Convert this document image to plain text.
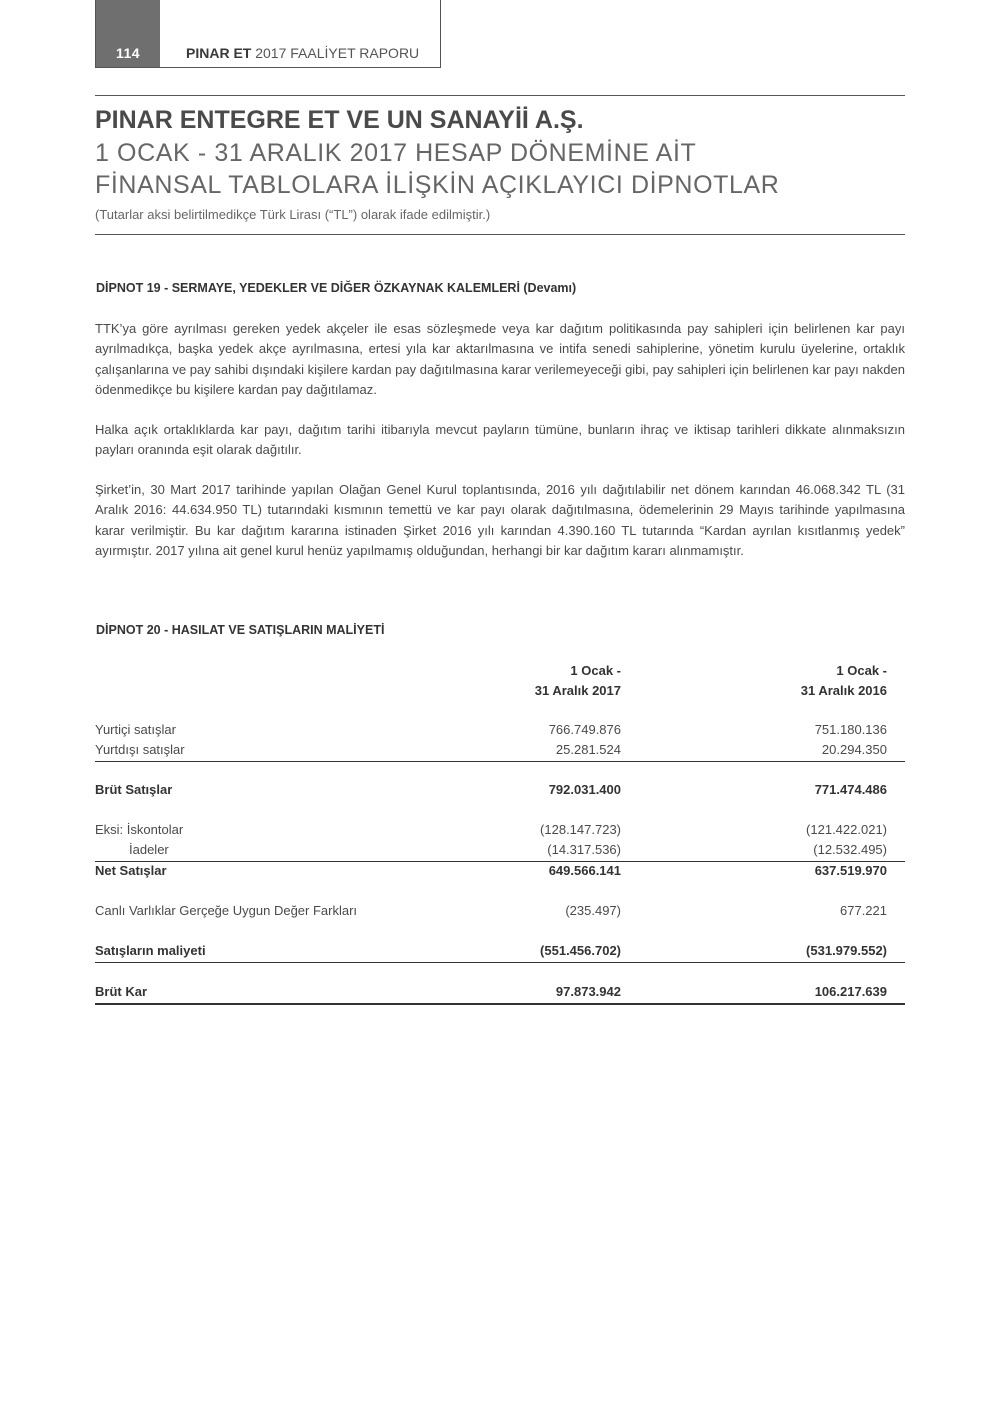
114	PINAR ET 2017 FAALİYET RAPORU
PINAR ENTEGRE ET VE UN SANAYİİ A.Ş.
1 OCAK - 31 ARALIK 2017 HESAP DÖNEMİNE AİT
FİNANSAL TABLOLARA İLİŞKİN AÇIKLAYICI DİPNOTLAR
(Tutarlar aksi belirtilmedikçe Türk Lirası (“TL”) olarak ifade edilmiştir.)
DİPNOT 19 - SERMAYE, YEDEKLER VE DİĞER ÖZKAYNAK KALEMLERİ (Devamı)

TTK’ya göre ayrılması gereken yedek akçeler ile esas sözleşmede veya kar dağıtım politikasında pay sahipleri için belirlenen kar payı ayrılmadıkça, başka yedek akçe ayrılmasına, ertesi yıla kar aktarılmasına ve intifa senedi sahiplerine, yönetim kurulu üyelerine, ortaklık çalışanlarına ve pay sahibi dışındaki kişilere kardan pay dağıtılmasına karar verilemeyeceği gibi, pay sahipleri için belirlenen kar payı nakden ödenmedikçe bu kişilere kardan pay dağıtılamaz.

Halka açık ortaklıklarda kar payı, dağıtım tarihi itibarıyla mevcut payların tümüne, bunların ihraç ve iktisap tarihleri dikkate alınmaksızın payları oranında eşit olarak dağıtılır.

Şirket’in, 30 Mart 2017 tarihinde yapılan Olağan Genel Kurul toplantısında, 2016 yılı dağıtılabilir net dönem karından 46.068.342 TL (31 Aralık 2016: 44.634.950 TL) tutarındaki kısmının temettü ve kar payı olarak dağıtılmasına, ödemelerinin 29 Mayıs tarihinde yapılmasına karar verilmiştir. Bu kar dağıtım kararına istinaden Şirket 2016 yılı karından 4.390.160 TL tutarında “Kardan ayrılan kısıtlanmış yedek” ayırmıştır. 2017 yılına ait genel kurul henüz yapılmamış olduğundan, herhangi bir kar dağıtım kararı alınmamıştır.

DİPNOT 20 - HASILAT VE SATIŞLARIN MALİYETİ
1 Ocak -
31 Aralık 2017
1 Ocak -
31 Aralık 2016
Yurtiçi satışlar	766.749.876	751.180.136
Yurtdışı satışlar	25.281.524	20.294.350
Brüt Satışlar	792.031.400	771.474.486
Eksi: İskontolar	(128.147.723)	(121.422.021)
İadeler	(14.317.536)	(12.532.495)
Net Satışlar	649.566.141	637.519.970
Canlı Varlıklar Gerçeğe Uygun Değer Farkları	(235.497)	677.221
Satışların maliyeti	(551.456.702)	(531.979.552)
Brüt Kar	97.873.942	106.217.639
